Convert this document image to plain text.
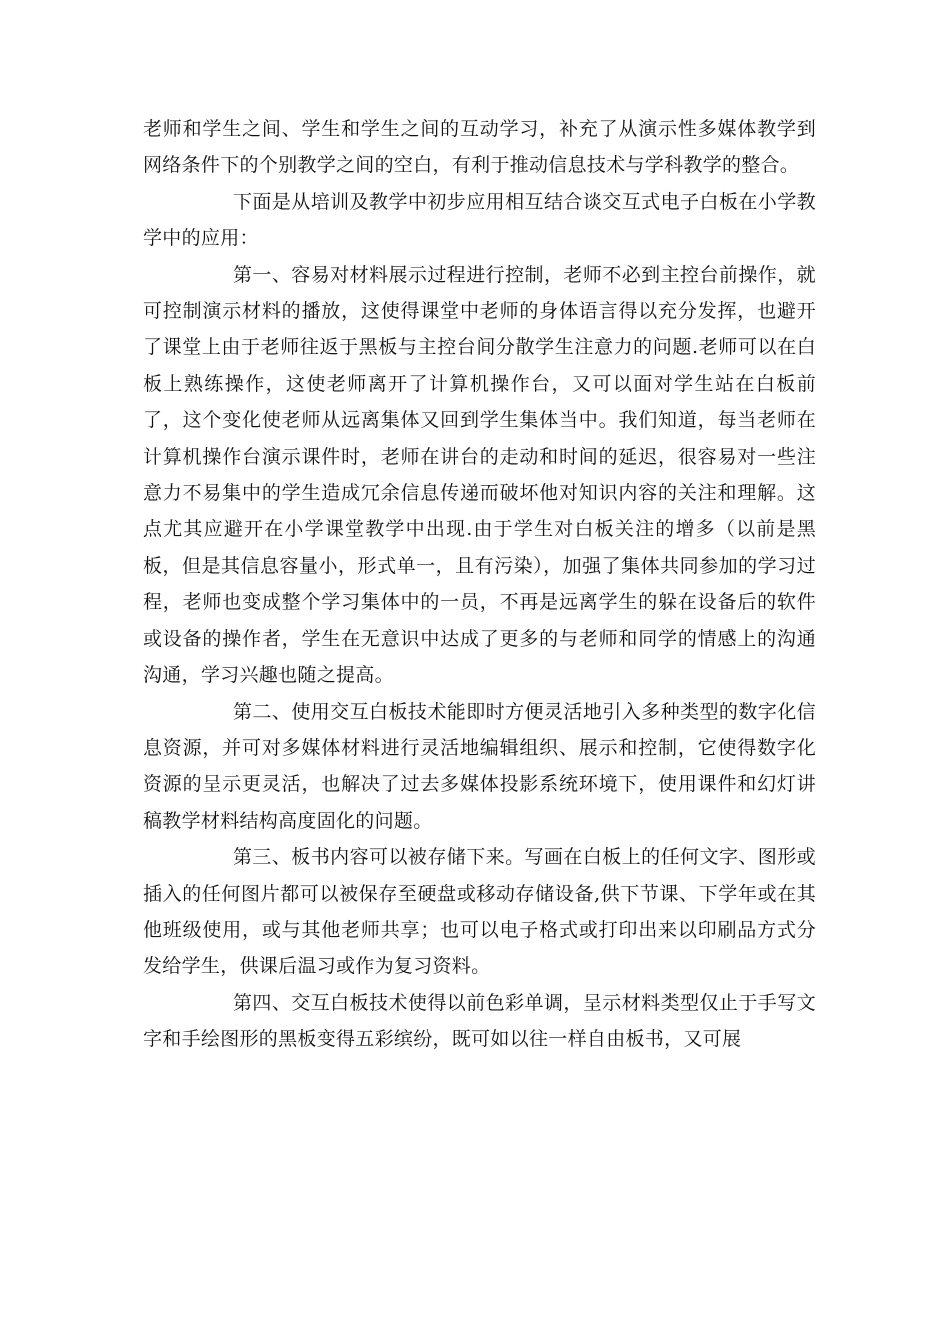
老师和学生之间、学生和学生之间的互动学习，补充了从演示性多媒体教学到网络条件下的个别教学之间的空白，有利于推动信息技术与学科教学的整合。

下面是从培训及教学中初步应用相互结合谈交互式电子白板在小学教学中的应用：

第一、容易对材料展示过程进行控制，老师不必到主控台前操作，就可控制演示材料的播放，这使得课堂中老师的身体语言得以充分发挥，也避开了课堂上由于老师往返于黑板与主控台间分散学生注意力的问题.老师可以在白板上熟练操作，这使老师离开了计算机操作台，又可以面对学生站在白板前了，这个变化使老师从远离集体又回到学生集体当中。我们知道，每当老师在计算机操作台演示课件时，老师在讲台的走动和时间的延迟，很容易对一些注意力不易集中的学生造成冗余信息传递而破坏他对知识内容的关注和理解。这点尤其应避开在小学课堂教学中出现.由于学生对白板关注的增多（以前是黑板，但是其信息容量小，形式单一，且有污染），加强了集体共同参加的学习过程，老师也变成整个学习集体中的一员，不再是远离学生的躲在设备后的软件或设备的操作者，学生在无意识中达成了更多的与老师和同学的情感上的沟通沟通，学习兴趣也随之提高。

第二、使用交互白板技术能即时方便灵活地引入多种类型的数字化信息资源，并可对多媒体材料进行灵活地编辑组织、展示和控制，它使得数字化资源的呈示更灵活，也解决了过去多媒体投影系统环境下，使用课件和幻灯讲稿教学材料结构高度固化的问题。

第三、板书内容可以被存储下来。写画在白板上的任何文字、图形或插入的任何图片都可以被保存至硬盘或移动存储设备,供下节课、下学年或在其他班级使用，或与其他老师共享；也可以电子格式或打印出来以印刷品方式分发给学生，供课后温习或作为复习资料。

第四、交互白板技术使得以前色彩单调，呈示材料类型仅止于手写文字和手绘图形的黑板变得五彩缤纷，既可如以往一样自由板书，又可展
